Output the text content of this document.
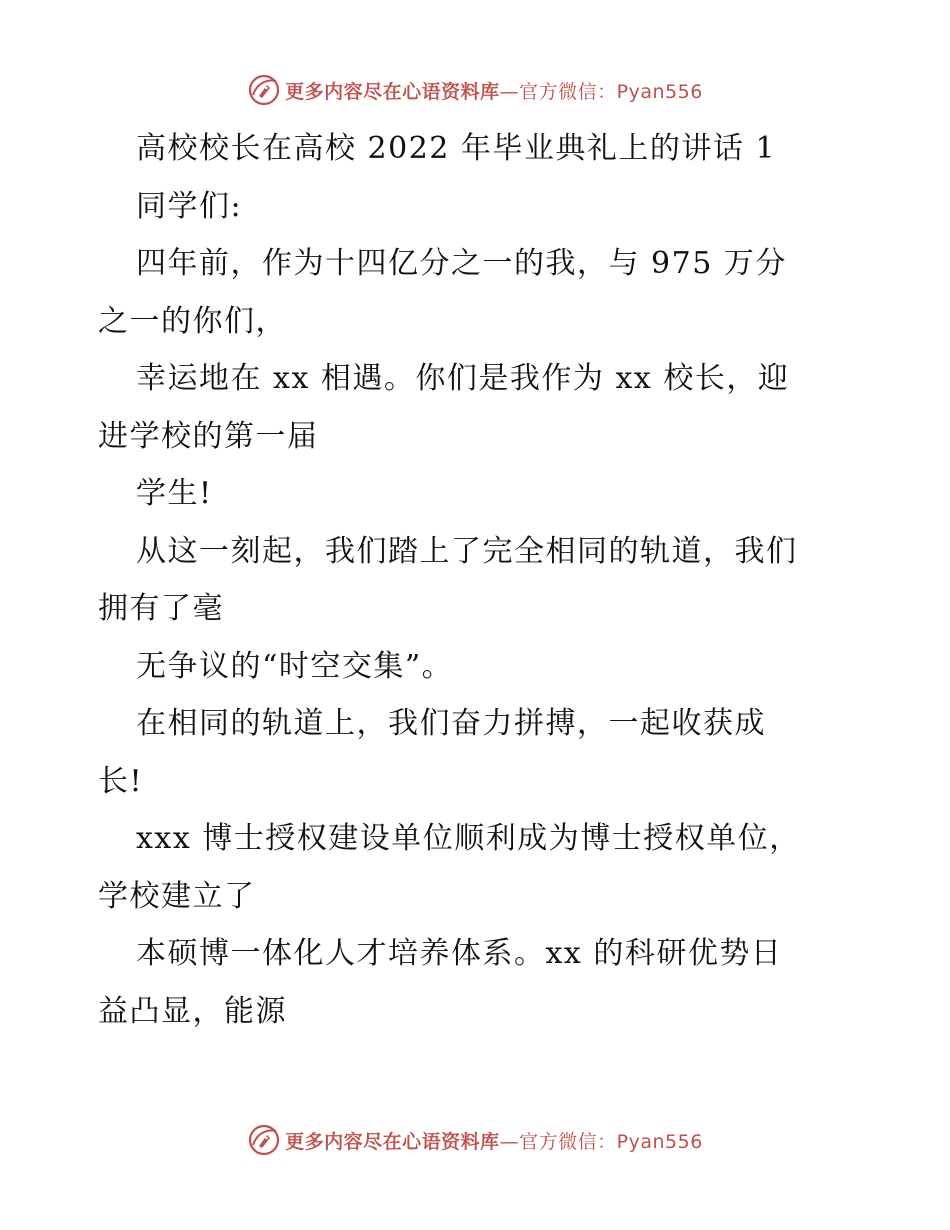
更多内容尽在心语资料库—官方微信：Pyan556
高校校长在高校 2022 年毕业典礼上的讲话 1
同学们:
四年前，作为十四亿分之一的我，与 975 万分
之一的你们，
幸运地在 xx 相遇。你们是我作为 xx 校长，迎
进学校的第一届
学生!
从这一刻起，我们踏上了完全相同的轨道，我们
拥有了毫
无争议的“时空交集”。
在相同的轨道上，我们奋力拼搏，一起收获成
长!
xxx 博士授权建设单位顺利成为博士授权单位，
学校建立了
本硕博一体化人才培养体系。xx 的科研优势日
益凸显，能源
更多内容尽在心语资料库—官方微信：Pyan556
